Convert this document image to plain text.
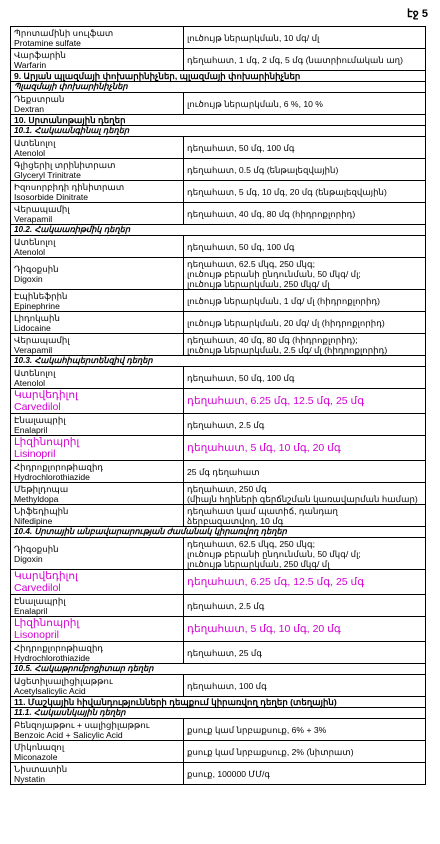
էջ 5
Պրոտամինի սուլֆատ
Protamine sulfate	լուծույթ ներարկման, 10 մգ/ մլ

Վարֆարին
Warfarin	դեղահատ, 1 մգ, 2 մգ, 5 մգ (նատրիումական աղ)

9. Արյան պլազմայի փոխարինիչներ, պլազմայի փոխարինիչներ	
Պլազմայի փոխարինիչներ	

Դեքստրան
Dextran	լուծույթ ներարկման, 6 %, 10 %

10. Սրտանոթային դեղեր	
10.1. Հակաանգինալ դեղեր	

Ատենոլոլ
Atenolol	դեղահատ, 50 մգ, 100 մգ

Գլիցերիլ տրինիտրատ
Glyceryl Trinitrate	դեղահատ, 0.5 մգ (ենթալեզվային)

Իզոսորբիդի դինիտրատ
Isosorbide Dinitrate	դեղահատ, 5 մգ, 10 մգ, 20 մգ (ենթալեզվային)

Վերապամիլ
Verapamil	դեղահատ, 40 մգ, 80 մգ (հիդրոքլորիդ)

10.2. Հակաառիթմիկ դեղեր	

Ատենոլոլ
Atenolol	դեղահատ, 50 մգ, 100 մգ

Դիգօքսին
Digoxin	դեղահատ, 62.5 մկգ, 250 մկգ;
լուծույթ բերանի ընդունման, 50 մկգ/ մլ;
լուծույթ ներարկման, 250 մկգ/ մլ

Էպինեֆրին
Epinephrine	լուծույթ ներարկման, 1 մգ/ մլ (հիդրոքլորիդ)

Լիդոկաին
Lidocaine	լուծույթ ներարկման, 20 մգ/ մլ (հիդրոքլորիդ)

Վերապամիլ
Verapamil	դեղահատ, 40 մգ, 80 մգ (հիդրոքլորիդ);
լուծույթ ներարկման, 2.5 մգ/ մլ (հիդրոքլորիդ)

10.3. Հակահիպերտենզիվ դեղեր	

Ատենոլոլ
Atenolol	դեղահատ, 50 մգ, 100 մգ

Կարվեդիլոլ
Carvedilol	դեղահատ, 6.25 մգ, 12.5 մգ, 25 մգ

Էնալապրիլ
Enalapril	դեղահատ, 2.5 մգ

Լիզինոպրիլ
Lisinopril	դեղահատ, 5 մգ, 10 մգ, 20 մգ

Հիդրոքլորոթիազիդ
Hydrochlorothiazide	25 մգ դեղահատ

Մեթիլդոպա
Methyldopa	դեղահատ, 250 մգ
(միայն հղիների գերճնշման կառավարման համար)

Նիֆեդիպին
Nifedipine	դեղահատ կամ պատիճ, դանդաղ
ձերբազատվող, 10 մգ

10.4. Սրտային անբավարարության ժամանակ կիրառվող դեղեր	

Դիգօքսին
Digoxin	դեղահատ, 62.5 մկգ, 250 մկգ;
լուծույթ բերանի ընդունման, 50 մկգ/ մլ;
լուծույթ ներարկման, 250 մկգ/ մլ

Կարվեդիլոլ
Carvedilol	դեղահատ, 6.25 մգ, 12.5 մգ, 25 մգ

Էնալապրիլ
Enalapril	դեղահատ, 2.5 մգ

Լիզինոպրիլ
Lisonopril	դեղահատ, 5 մգ, 10 մգ, 20 մգ

Հիդրոքլորոթիազիդ
Hydrochlorothiazide	դեղահատ, 25 մգ

10.5. Հակաթրոմբոցիտար դեղեր	

Ացետիլսալիցիլաթթու
Acetylsalicylic Acid	դեղահատ, 100 մգ

11. Մաշկային հիվանդությունների դեպքում կիրառվող դեղեր (տեղային)	
11.1. Հակասնկային դեղեր	

Բենզոյաթթու + սալիցիլաթթու
Benzoic Acid + Salicylic Acid	քսուք կամ նրբաքսուք, 6% + 3%

Միկոնազոլ
Miconazole	քսուք կամ նրբաքսուք, 2% (նիտրատ)

Նիստատին
Nystatin	քսուք, 100000 ՄՄ/գ
